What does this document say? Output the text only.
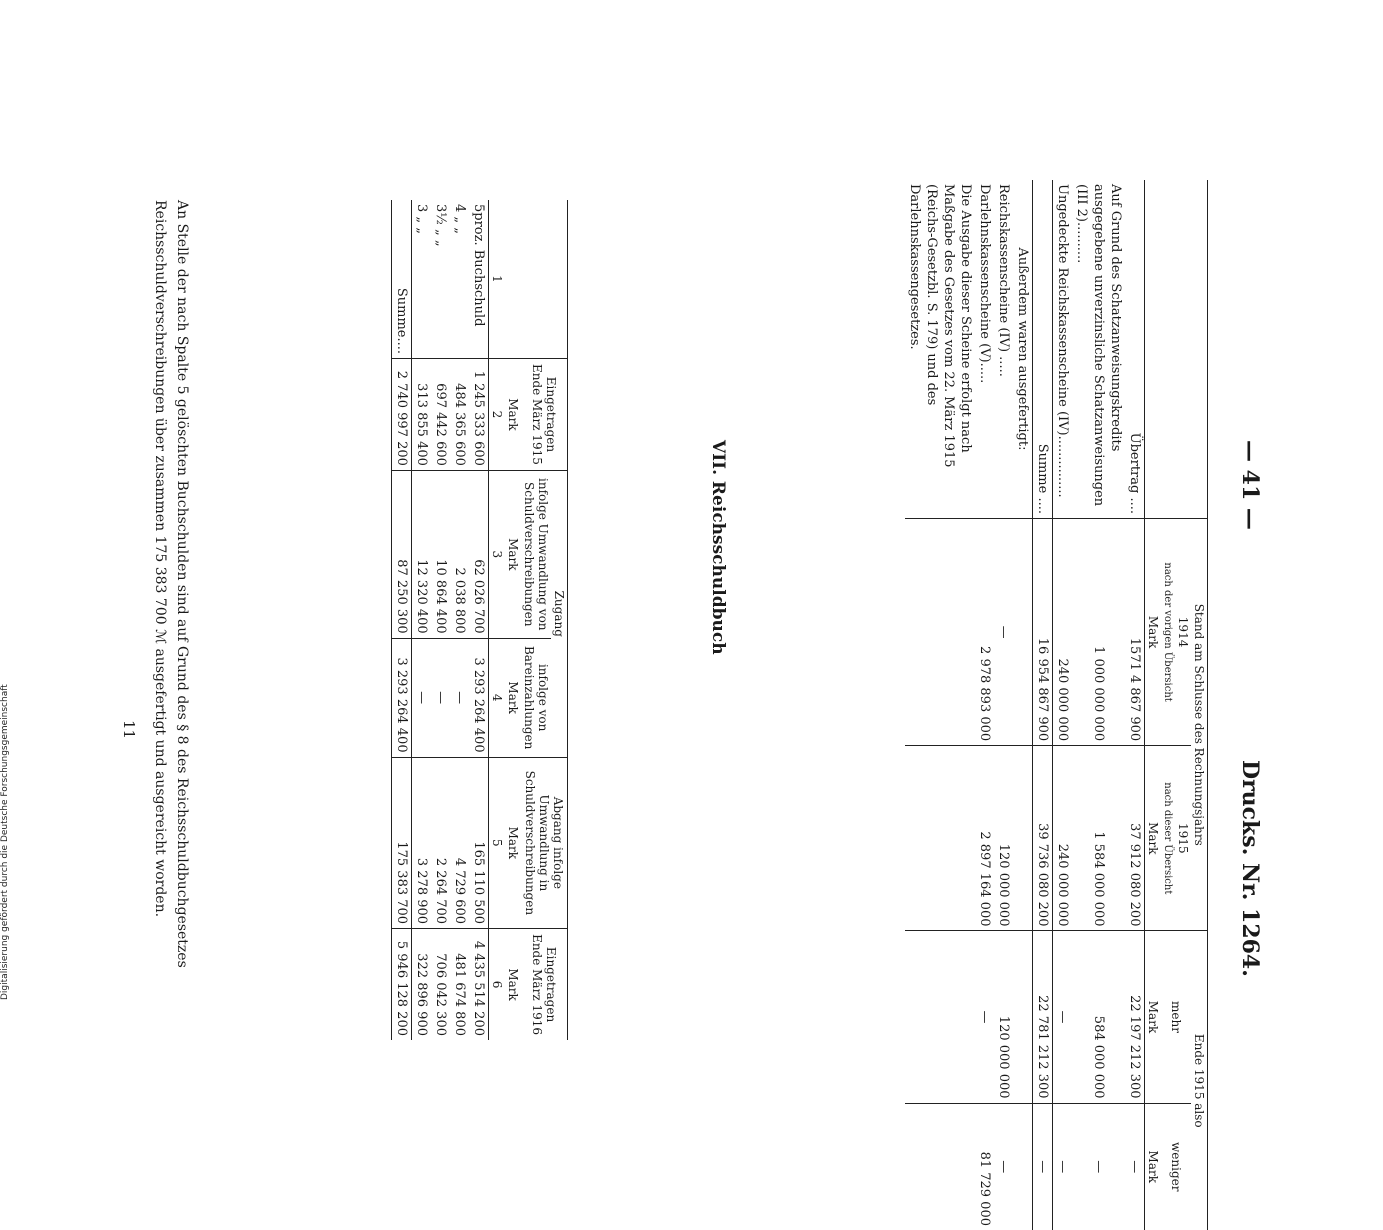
— 41 —
Drucks. Nr. 1264.
	Stand am Schlusse des Rechnungsjahrs		Ende 1915 also	
	1914
nach der vorigen Übersicht	1915
nach dieser Übersicht	mehr	weniger
	Mark	Mark	Mark	Mark
Übertrag ....	1571 4 867 900	37 912 080 200	22 197 212 300	—
Auf Grund des Schatzanweisungskredits ausgegebene unverzinsliche Schatzanweisungen (III 2)..........	1 000 000 000	1 584 000 000	584 000 000	—
Ungedeckte Reichskassenscheine (IV)...............	240 000 000	240 000 000	—	—
Summe ....	16 954 867 900	39 736 080 200	22 781 212 300	—
Außerdem waren ausgefertigt:				
Reichskassenscheine (IV) .....	—	120 000 000	120 000 000	—
Darlehnskassenscheine (V).....	2 978 893 000	2 897 164 000	—	81 729 000
Die Ausgabe dieser Scheine erfolgt nach Maßgabe des Gesetzes vom 22. März 1915 (Reichs-Gesetzbl. S. 179) und des Darlehnskassengesetzes.				
VII. Reichsschuldbuch
	Eingetragen Ende März 1915	Zugang		Abgang infolge Umwandlung in Schuldverschreibungen	Eingetragen Ende März 1916
		infolge Umwandlung von Schuldverschreibungen	infolge von Bareinzahlungen		
	Mark	Mark	Mark	Mark	Mark
1	2	3	4	5	6
5proz. Buchschuld	1 245 333 600	62 026 700	3 293 264 400	165 110 500	4 435 514 200
4 „ „	484 365 600	2 038 800	—	4 729 600	481 674 800
3½ „ „	697 442 600	10 864 400	—	2 264 700	706 042 300
3 „ „	313 855 400	12 320 400	—	3 278 900	322 896 900
Summe....	2 740 997 200	87 250 300	3 293 264 400	175 383 700	5 946 128 200
An Stelle der nach Spalte 5 gelöschten Buchschulden sind auf Grund des § 8 des Reichsschuldbuchgesetzes Reichsschuldverschreibungen über zusammen 175 383 700 ℳ ausgefertigt und ausgereicht worden.
11
Digitalisierung gefördert durch die Deutsche Forschungsgemeinschaft
